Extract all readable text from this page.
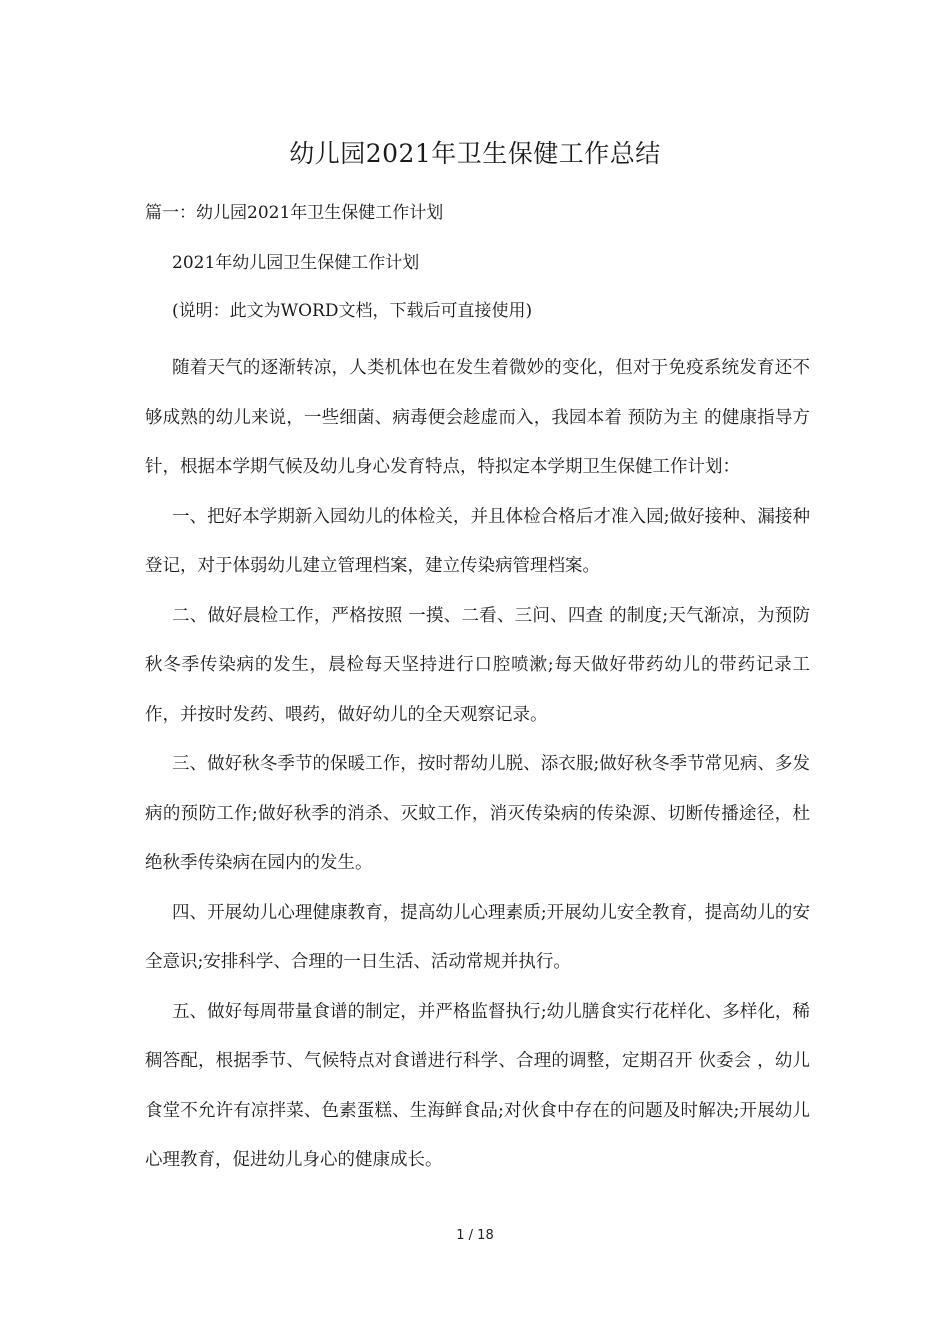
幼儿园2021年卫生保健工作总结
篇一：幼儿园2021年卫生保健工作计划
2021年幼儿园卫生保健工作计划
(说明：此文为WORD文档，下载后可直接使用)

随着天气的逐渐转凉，人类机体也在发生着微妙的变化，但对于免疫系统发育还不够成熟的幼儿来说，一些细菌、病毒便会趁虚而入，我园本着 预防为主 的健康指导方针，根据本学期气候及幼儿身心发育特点，特拟定本学期卫生保健工作计划：

一、把好本学期新入园幼儿的体检关，并且体检合格后才准入园;做好接种、漏接种登记，对于体弱幼儿建立管理档案，建立传染病管理档案。

二、做好晨检工作，严格按照 一摸、二看、三问、四查 的制度;天气渐凉，为预防秋冬季传染病的发生，晨检每天坚持进行口腔喷漱;每天做好带药幼儿的带药记录工作，并按时发药、喂药，做好幼儿的全天观察记录。

三、做好秋冬季节的保暖工作，按时帮幼儿脱、添衣服;做好秋冬季节常见病、多发病的预防工作;做好秋季的消杀、灭蚊工作，消灭传染病的传染源、切断传播途径，杜绝秋季传染病在园内的发生。

四、开展幼儿心理健康教育，提高幼儿心理素质;开展幼儿安全教育，提高幼儿的安全意识;安排科学、合理的一日生活、活动常规并执行。

五、做好每周带量食谱的制定，并严格监督执行;幼儿膳食实行花样化、多样化，稀稠答配，根据季节、气候特点对食谱进行科学、合理的调整，定期召开 伙委会 ，幼儿食堂不允许有凉拌菜、色素蛋糕、生海鲜食品;对伙食中存在的问题及时解决;开展幼儿心理教育，促进幼儿身心的健康成长。

1 / 18
